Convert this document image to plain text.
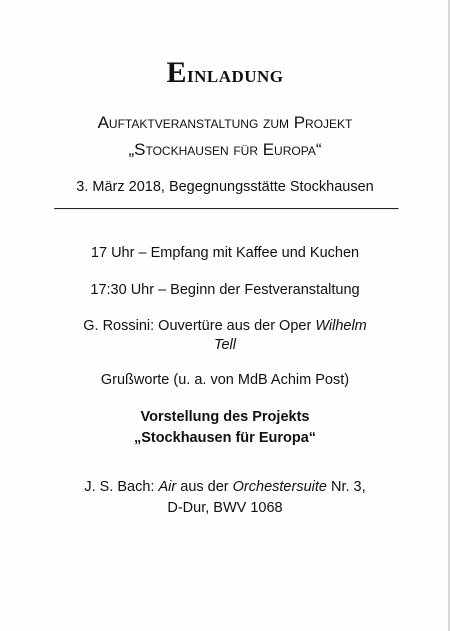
Einladung

Auftaktveranstaltung zum Projekt

„Stockhausen für Europa“

3. März 2018, Begegnungsstätte Stockhausen

17 Uhr – Empfang mit Kaffee und Kuchen

17:30 Uhr – Beginn der Festveranstaltung

G. Rossini: Ouvertüre aus der Oper Wilhelm

Tell

Grußworte (u. a. von MdB Achim Post)

Vorstellung des Projekts

„Stockhausen für Europa“

J. S. Bach: Air aus der Orchestersuite Nr. 3,

D-Dur, BWV 1068
